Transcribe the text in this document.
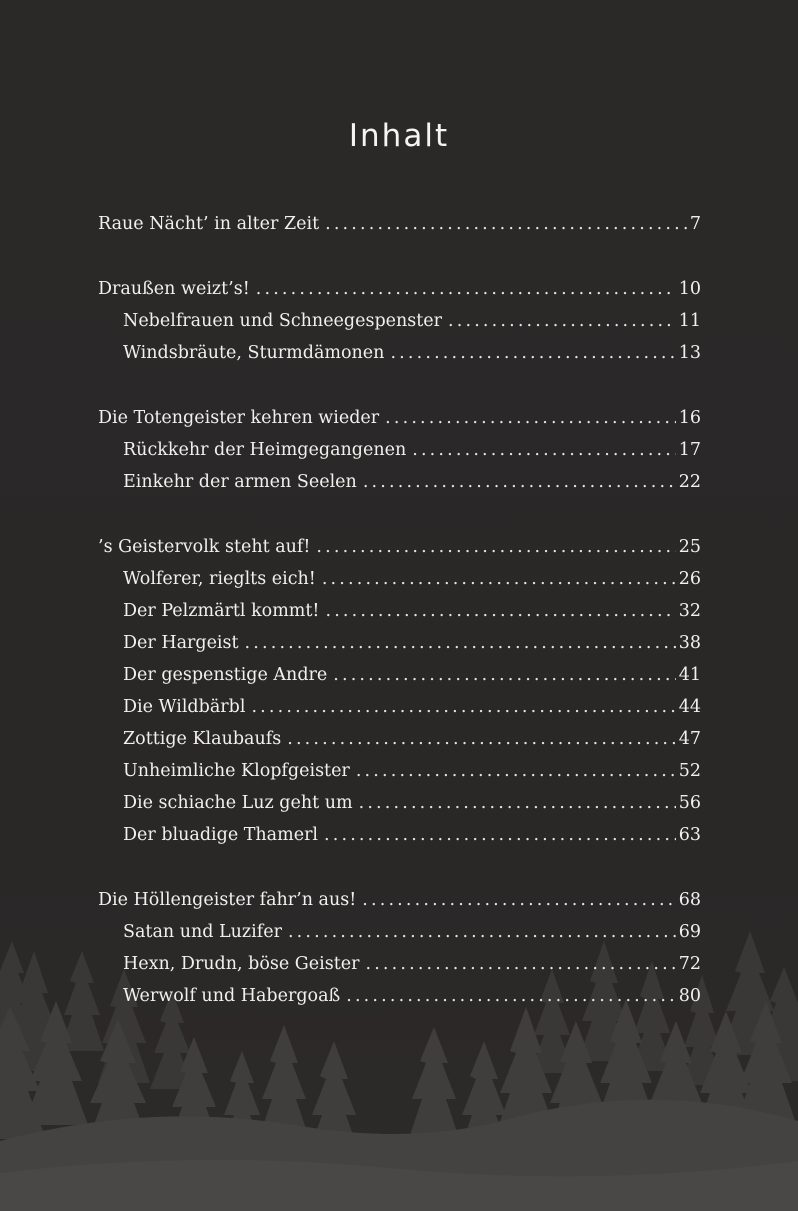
Inhalt
Raue Nächt’ in alter Zeit . . .	7
Draußen weizt’s! . . .	10
Nebelfrauen und Schneegespenster . . .	11
Windsbräute, Sturmdämonen . . .	13
Die Totengeister kehren wieder . . .	16
Rückkehr der Heimgegangenen . . .	17
Einkehr der armen Seelen . . .	22
’s Geistervolk steht auf! . . .	25
Wolferer, rieglts eich! . . .	26
Der Pelzmärtl kommt! . . .	32
Der Hargeist . . .	38
Der gespenstige Andre . . .	41
Die Wildbärbl . . .	44
Zottige Klaubaufs . . .	47
Unheimliche Klopfgeister . . .	52
Die schiache Luz geht um . . .	56
Der bluadige Thamerl . . .	63
Die Höllengeister fahr’n aus! . . .	68
Satan und Luzifer . . .	69
Hexn, Drudn, böse Geister . . .	72
Werwolf und Habergoaß . . .	80
